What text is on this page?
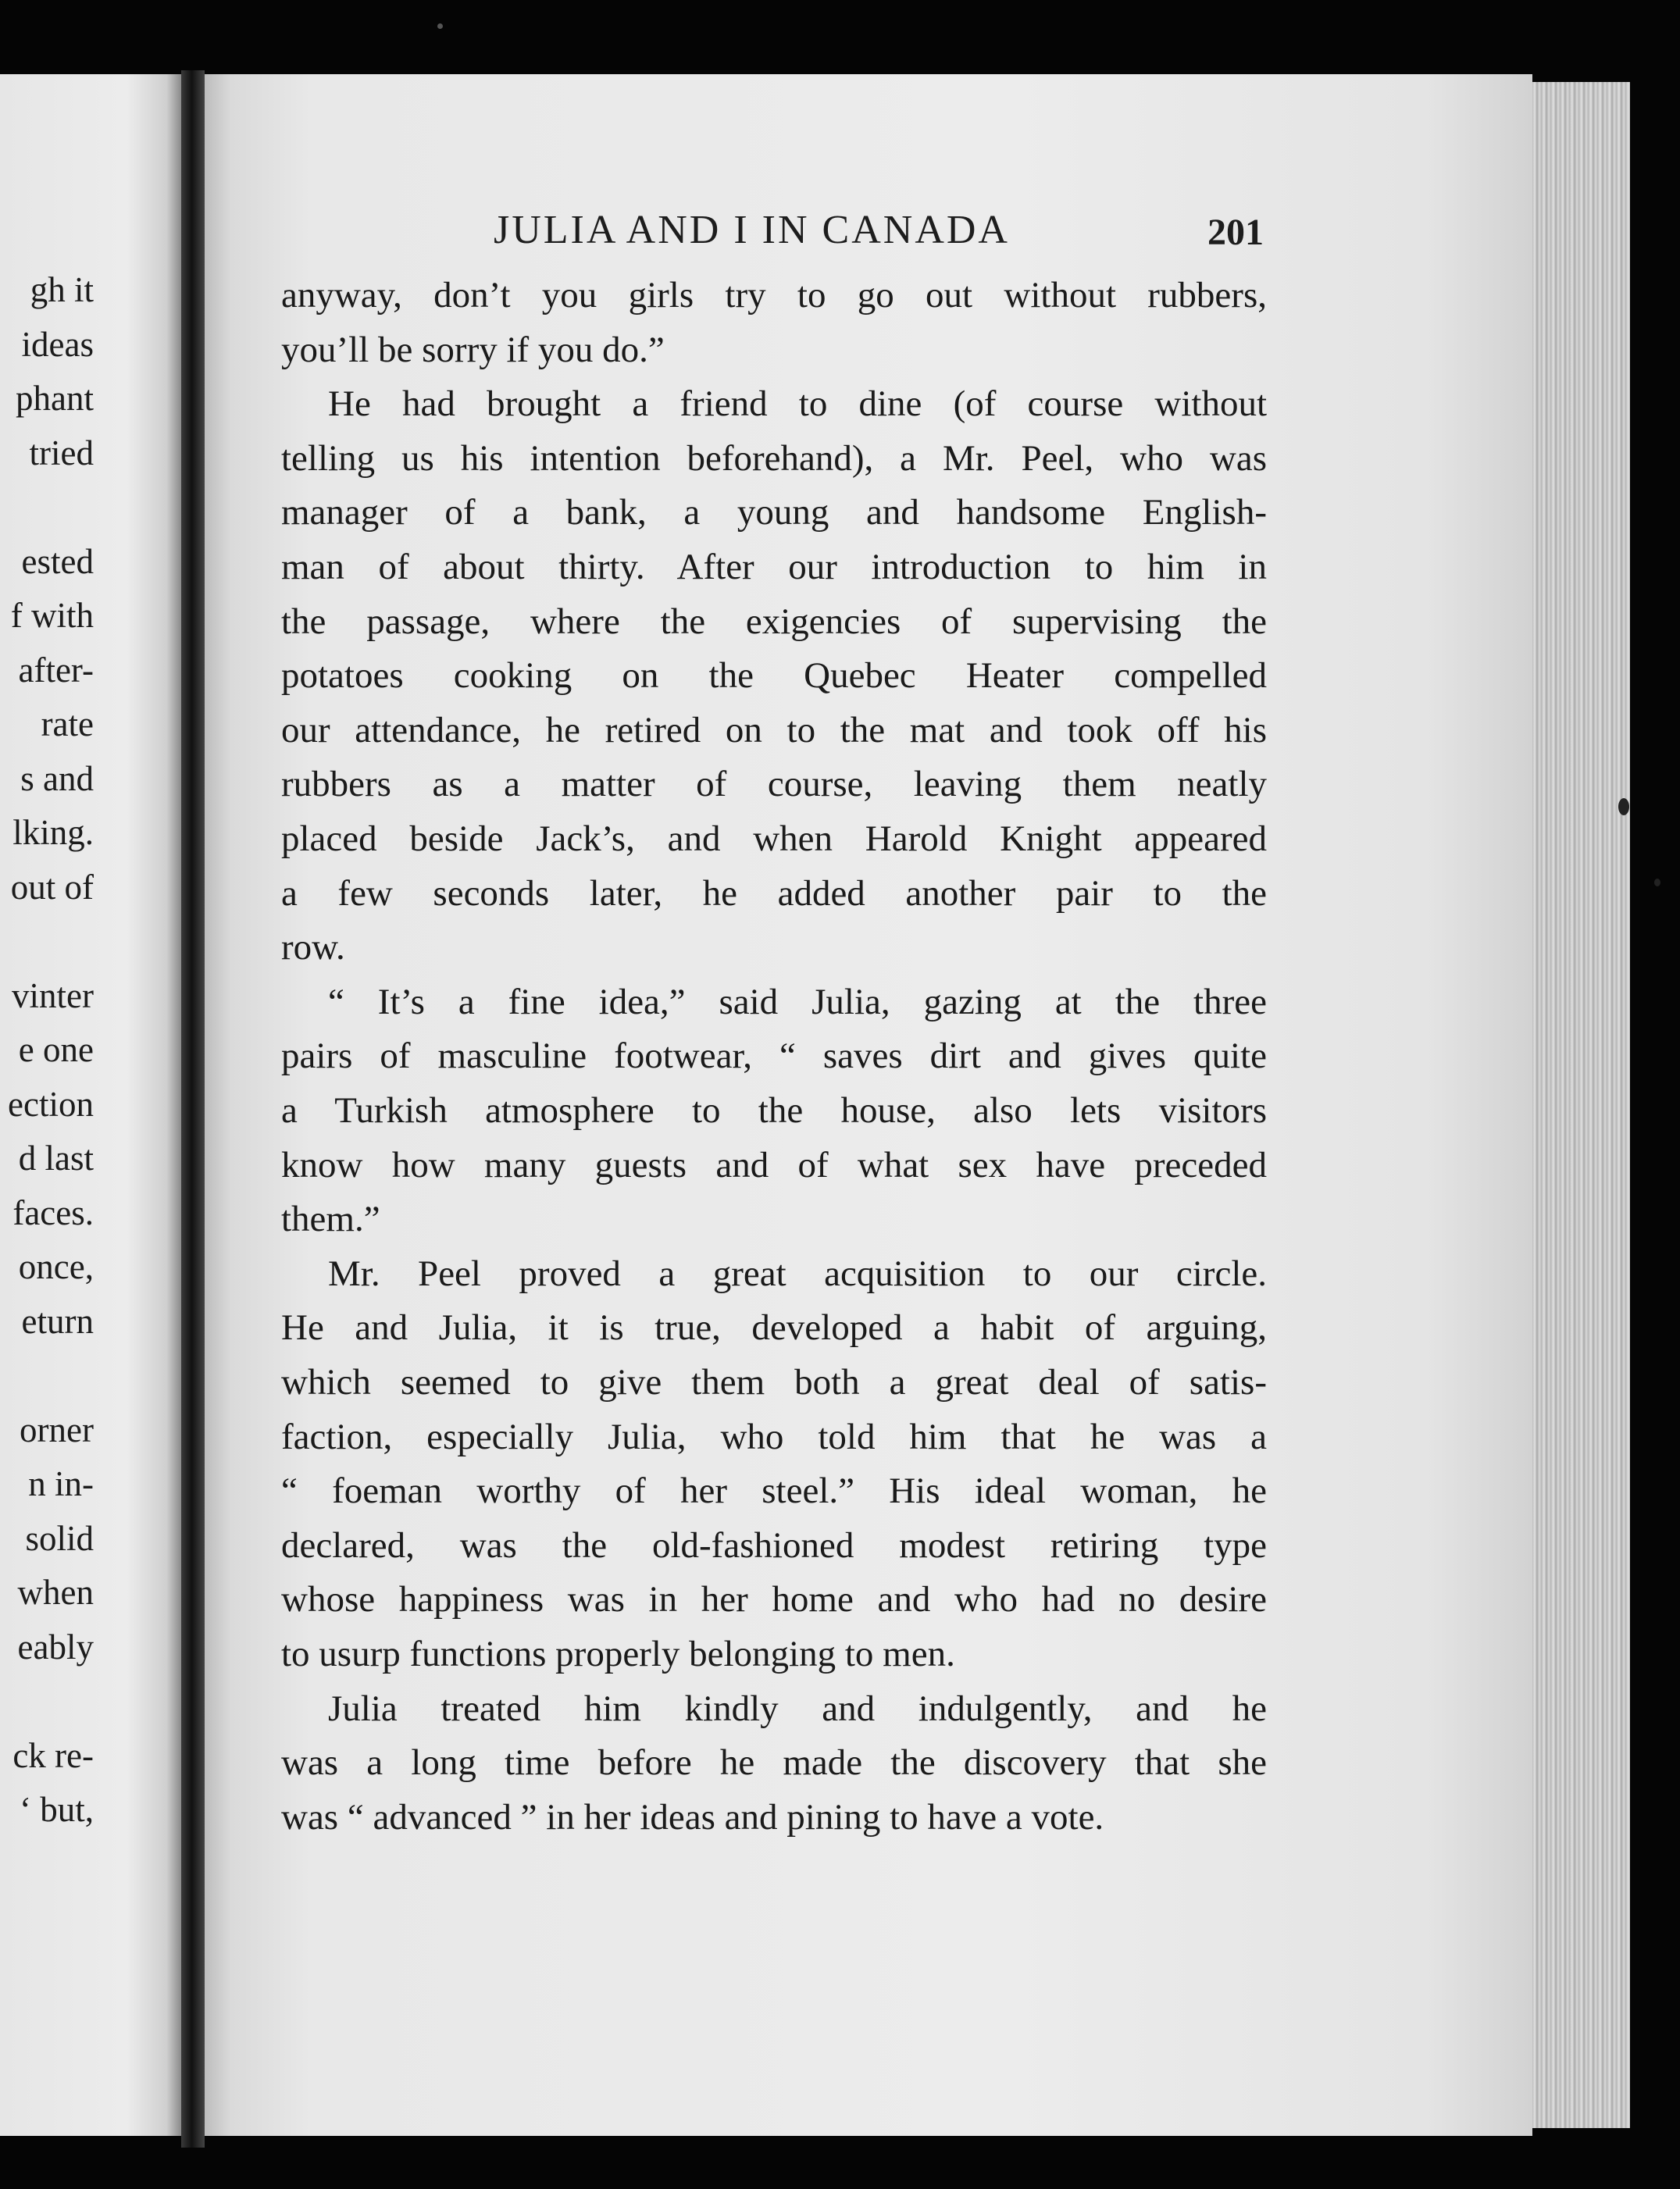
gh it
ideas
phant
tried
ested
f with
after-
rate
s and
lking.
out of
vinter
e one
ection
d last
faces.
once,
eturn
orner
n in-
solid
when
eably
ck re-
‘ but,
JULIA AND I IN CANADA	201
anyway, don’t you girls try to go out without rubbers,
you’ll be sorry if you do.”
He had brought a friend to dine (of course without
telling us his intention beforehand), a Mr. Peel, who was
manager of a bank, a young and handsome English-
man of about thirty. After our introduction to him in
the passage, where the exigencies of supervising the
potatoes cooking on the Quebec Heater compelled
our attendance, he retired on to the mat and took off his
rubbers as a matter of course, leaving them neatly
placed beside Jack’s, and when Harold Knight appeared
a few seconds later, he added another pair to the
row.
“ It’s a fine idea,” said Julia, gazing at the three
pairs of masculine footwear, “ saves dirt and gives quite
a Turkish atmosphere to the house, also lets visitors
know how many guests and of what sex have preceded
them.”
Mr. Peel proved a great acquisition to our circle.
He and Julia, it is true, developed a habit of arguing,
which seemed to give them both a great deal of satis-
faction, especially Julia, who told him that he was a
“ foeman worthy of her steel.” His ideal woman, he
declared, was the old-fashioned modest retiring type
whose happiness was in her home and who had no desire
to usurp functions properly belonging to men.
Julia treated him kindly and indulgently, and he
was a long time before he made the discovery that she
was “ advanced ” in her ideas and pining to have a vote.
